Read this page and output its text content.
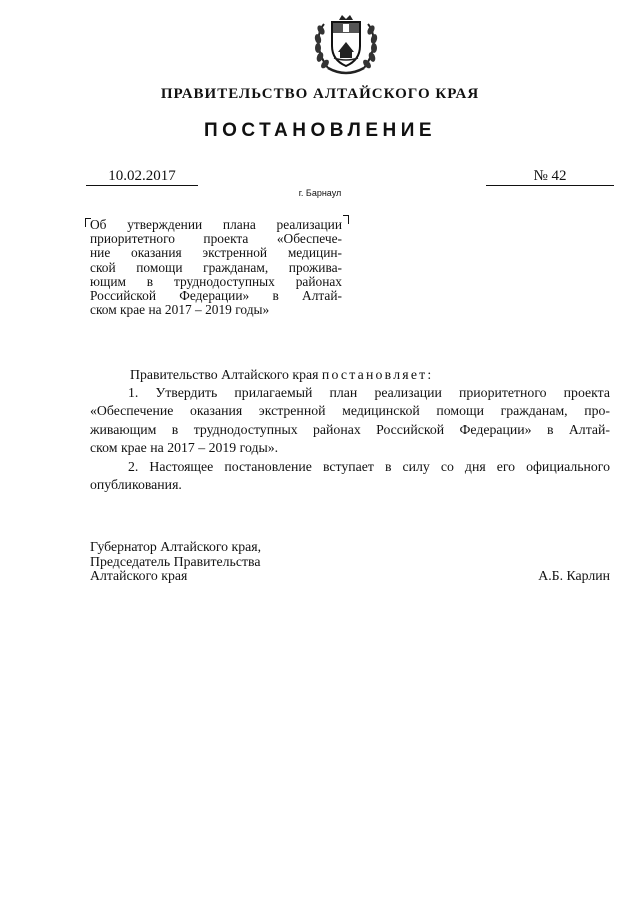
ПРАВИТЕЛЬСТВО АЛТАЙСКОГО КРАЯ
ПОСТАНОВЛЕНИЕ
10.02.2017	№ 42
г. Барнаул
Об утверждении плана реализации
приоритетного проекта «Обеспече-
ние оказания экстренной медицин-
ской помощи гражданам, прожива-
ющим в труднодоступных районах
Российской Федерации» в Алтай-
ском крае на 2017 – 2019 годы»
Правительство Алтайского края постановляет:
1. Утвердить прилагаемый план реализации приоритетного проекта
«Обеспечение оказания экстренной медицинской помощи гражданам, про-
живающим в труднодоступных районах Российской Федерации» в Алтай-
ском крае на 2017 – 2019 годы».
2. Настоящее постановление вступает в силу со дня его официального
опубликования.
Губернатор Алтайского края,
Председатель Правительства
Алтайского края	А.Б. Карлин
